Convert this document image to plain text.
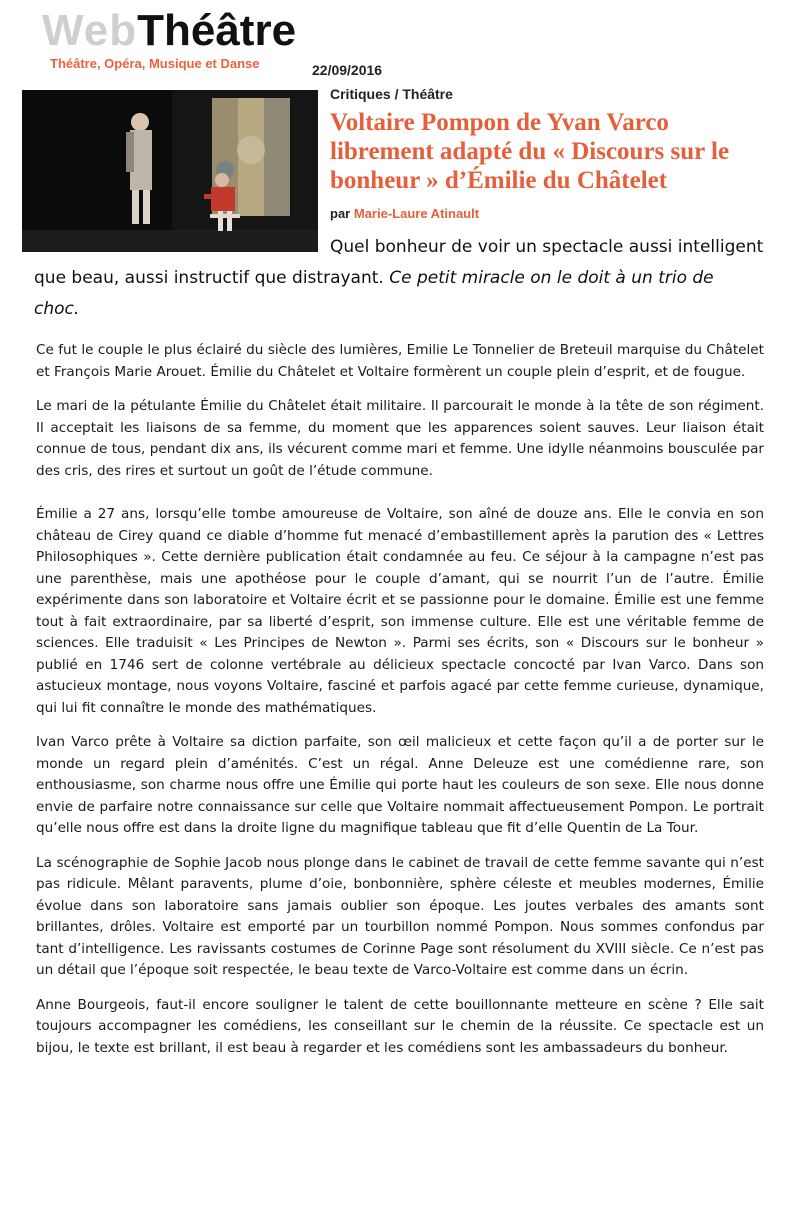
WebThéâtre
Théâtre, Opéra, Musique et Danse	22/09/2016
Critiques / Théâtre
Voltaire Pompon de Yvan Varco librement adapté du « Discours sur le bonheur » d’Émilie du Châtelet
par Marie-Laure Atinault

Quel bonheur de voir un spectacle aussi intelligent que beau, aussi instructif que distrayant. Ce petit miracle on le doit à un trio de choc.

Ce fut le couple le plus éclairé du siècle des lumières, Emilie Le Tonnelier de Breteuil marquise du Châtelet et François Marie Arouet. Émilie du Châtelet et Voltaire formèrent un couple plein d’esprit, et de fougue.

Le mari de la pétulante Émilie du Châtelet était militaire. Il parcourait le monde à la tête de son régiment. Il acceptait les liaisons de sa femme, du moment que les apparences soient sauves. Leur liaison était connue de tous, pendant dix ans, ils vécurent comme mari et femme. Une idylle néanmoins bousculée par des cris, des rires et surtout un goût de l’étude commune.

Émilie a 27 ans, lorsqu’elle tombe amoureuse de Voltaire, son aîné de douze ans. Elle le convia en son château de Cirey quand ce diable d’homme fut menacé d’embastillement après la parution des « Lettres Philosophiques ». Cette dernière publication était condamnée au feu. Ce séjour à la campagne n’est pas une parenthèse, mais une apothéose pour le couple d’amant, qui se nourrit l’un de l’autre. Émilie expérimente dans son laboratoire et Voltaire écrit et se passionne pour le domaine. Émilie est une femme tout à fait extraordinaire, par sa liberté d’esprit, son immense culture. Elle est une véritable femme de sciences. Elle traduisit « Les Principes de Newton ». Parmi ses écrits, son « Discours sur le bonheur » publié en 1746 sert de colonne vertébrale au délicieux spectacle concocté par Ivan Varco. Dans son astucieux montage, nous voyons Voltaire, fasciné et parfois agacé par cette femme curieuse, dynamique, qui lui fit connaître le monde des mathématiques.

Ivan Varco prête à Voltaire sa diction parfaite, son œil malicieux et cette façon qu’il a de porter sur le monde un regard plein d’aménités. C’est un régal. Anne Deleuze est une comédienne rare, son enthousiasme, son charme nous offre une Émilie qui porte haut les couleurs de son sexe. Elle nous donne envie de parfaire notre connaissance sur celle que Voltaire nommait affectueusement Pompon. Le portrait qu’elle nous offre est dans la droite ligne du magnifique tableau que fit d’elle Quentin de La Tour.

La scénographie de Sophie Jacob nous plonge dans le cabinet de travail de cette femme savante qui n’est pas ridicule. Mêlant paravents, plume d’oie, bonbonnière, sphère céleste et meubles modernes, Émilie évolue dans son laboratoire sans jamais oublier son époque. Les joutes verbales des amants sont brillantes, drôles. Voltaire est emporté par un tourbillon nommé Pompon. Nous sommes confondus par tant d’intelligence. Les ravissants costumes de Corinne Page sont résolument du XVIII siècle. Ce n’est pas un détail que l’époque soit respectée, le beau texte de Varco-Voltaire est comme dans un écrin.

Anne Bourgeois, faut-il encore souligner le talent de cette bouillonnante metteure en scène ? Elle sait toujours accompagner les comédiens, les conseillant sur le chemin de la réussite. Ce spectacle est un bijou, le texte est brillant, il est beau à regarder et les comédiens sont les ambassadeurs du bonheur.
